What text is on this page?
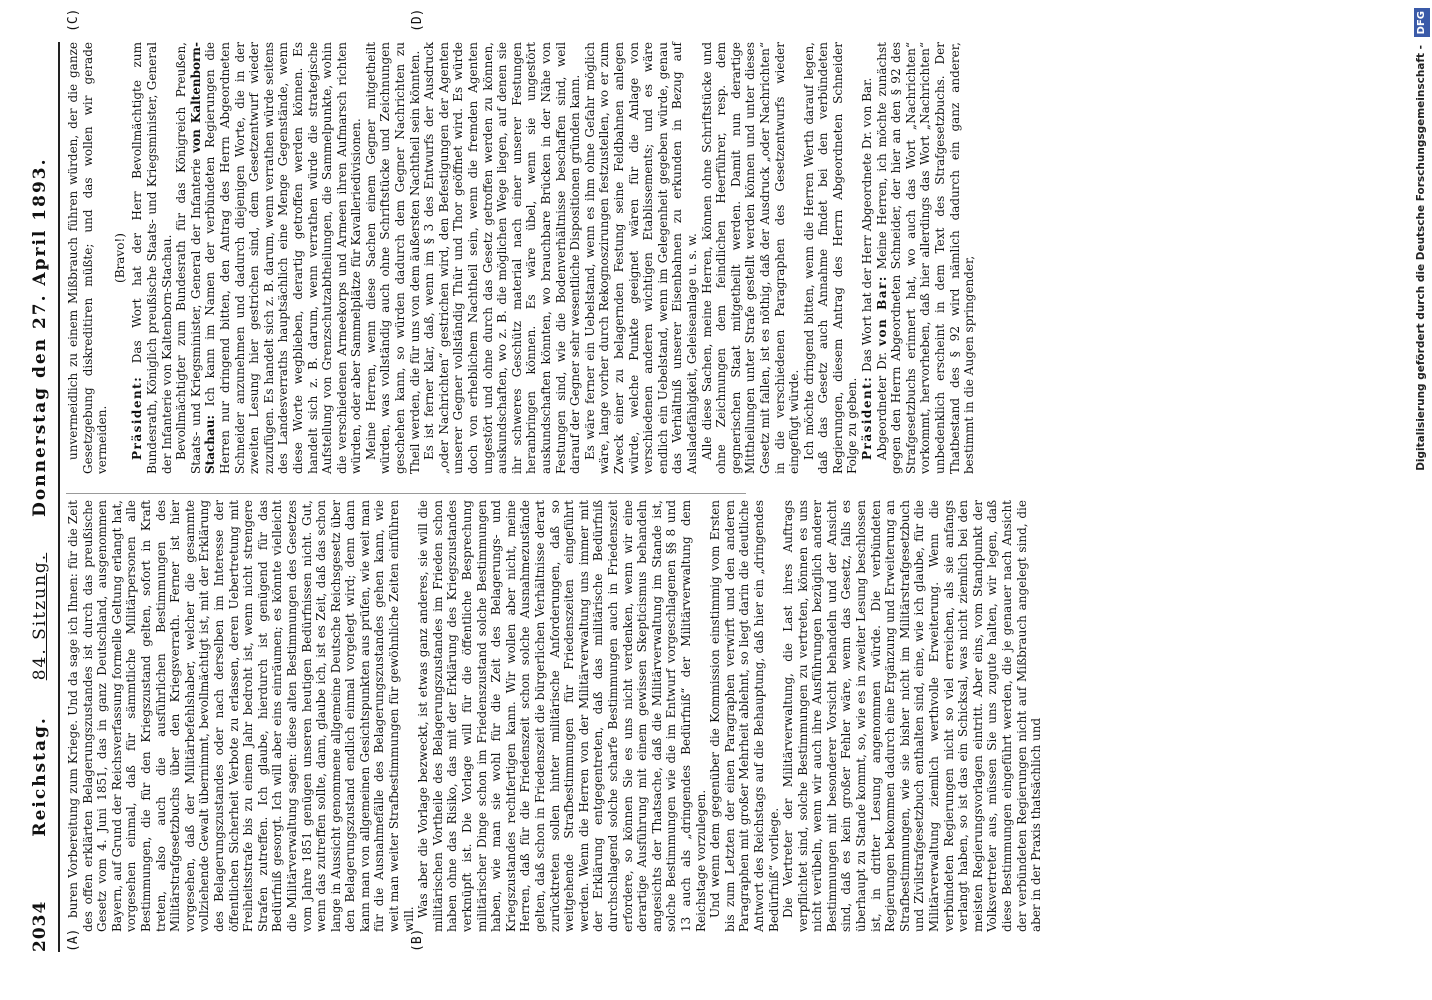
2034
Reichstag. 84. Sitzung. Donnerstag den 27. April 1893.
(A)	(B)
(C)	(D)

buren Vorbereitung zum Kriege. Und da sage ich Ihnen: für die Zeit des offen erklärten Belagerungszustandes ist durch das preußische Gesetz vom 4. Juni 1851, das in ganz Deutschland, ausgenommen Bayern, auf Grund der Reichsverfassung formelle Geltung erlangt hat, vorgesehen einmal, daß für sämmtliche Militärpersonen alle Bestimmungen, die für den Kriegszustand gelten, sofort in Kraft treten, also auch die ausführlichen Bestimmungen des Militärstrafgesetzbuchs über den Kriegsverrath. Ferner ist hier vorgesehen, daß der Militärbefehlshaber, welcher die gesammte vollziehende Gewalt übernimmt, bevollmächtigt ist, mit der Erklärung des Belagerungszustandes oder nach derselben im Interesse der öffentlichen Sicherheit Verbote zu erlassen, deren Uebertretung mit Freiheitsstrafe bis zu einem Jahr bedroht ist, wenn nicht strengere Strafen zutreffen. Ich glaube, hierdurch ist genügend für das Bedürfniß gesorgt. Ich will aber eins einräumen; es könnte vielleicht die Militärverwaltung sagen: diese alten Bestimmungen des Gesetzes vom Jahre 1851 genügen unseren heutigen Bedürfnissen nicht. Gut, wenn das zutreffen sollte, dann, glaube ich, ist es Zeit, daß das schon lange in Aussicht genommene allgemeine Deutsche Reichsgesetz über den Belagerungszustand endlich einmal vorgelegt wird; denn dann kann man von allgemeinen Gesichtspunkten aus prüfen, wie weit man für die Ausnahmefälle des Belagerungszustandes gehen kann, wie weit man weiter Strafbestimmungen für gewöhnliche Zeiten einführen will.

Was aber die Vorlage bezweckt, ist etwas ganz anderes, sie will die militärischen Vortheile des Belagerungszustandes im Frieden schon haben ohne das Risiko, das mit der Erklärung des Kriegszustandes verknüpft ist. Die Vorlage will für die öffentliche Besprechung militärischer Dinge schon im Friedenszustand solche Bestimmungen haben, wie man sie wohl für die Zeit des Belagerungs- und Kriegszustandes rechtfertigen kann. Wir wollen aber nicht, meine Herren, daß für die Friedenszeit schon solche Ausnahmezustände gelten, daß schon in Friedenszeit die bürgerlichen Verhältnisse derart zurücktreten sollen hinter militärische Anforderungen, daß so weitgehende Strafbestimmungen für Friedenszeiten eingeführt werden. Wenn die Herren von der Militärverwaltung uns immer mit der Erklärung entgegentreten, daß das militärische Bedürfniß durchschlagend solche scharfe Bestimmungen auch in Friedenszeit erfordere, so können Sie es uns nicht verdenken, wenn wir eine derartige Ausführung mit einem gewissen Skepticismus behandeln angesichts der Thatsache, daß die Militärverwaltung im Stande ist, solche Bestimmungen wie die im Entwurf vorgeschlagenen §§ 8 und 13 auch als „dringendes Bedürfniß“ der Militärverwaltung dem Reichstage vorzulegen. Und wenn dem gegenüber die Kommission einstimmig vom Ersten bis zum Letzten der einen Paragraphen verwirft und den anderen Paragraphen mit großer Mehrheit ablehnt, so liegt darin die deutliche Antwort des Reichstags auf die Behauptung, daß hier ein „dringendes Bedürfniß“ vorliege. Die Vertreter der Militärverwaltung, die Last ihres Auftrags verpflichtet sind, solche Bestimmungen zu vertreten, können es uns nicht verübeln, wenn wir auch ihre Ausführungen bezüglich anderer Bestimmungen mit besonderer Vorsicht behandeln und der Ansicht sind, daß es kein großer Fehler wäre, wenn das Gesetz, falls es überhaupt zu Stande kommt, so, wie es in zweiter Lesung beschlossen ist, in dritter Lesung angenommen würde. Die verbündeten Regierungen bekommen dadurch eine Ergänzung und Erweiterung an Strafbestimmungen, wie sie bisher nicht im Militärstrafgesetzbuch und Zivilstrafgesetzbuch enthalten sind, eine, wie ich glaube, für die Militärverwaltung ziemlich werthvolle Erweiterung. Wenn die verbündeten Regierungen nicht so viel erreichen, als sie anfangs verlangt haben, so ist das ein Schicksal, was nicht ziemlich bei den meisten Regierungsvorlagen eintritt. Aber eins, vom Standpunkt der Volksvertreter aus, müssen Sie uns zugute halten, wir legen, daß diese Bestimmungen eingeführt werden, die je genauer nach Ansicht der verbündeten Regierungen nicht auf Mißbrauch angelegt sind, die aber in der Praxis thatsächlich und

unvermeidlich zu einem Mißbrauch führen würden, der die ganze Gesetzgebung diskreditiren müßte; und das wollen wir gerade vermeiden.

(Bravo!)

Präsident: Das Wort hat der Herr Bevollmächtigte zum Bundesrath, Königlich preußische Staats- und Kriegsminister, General der Infanterie von Kaltenborn-Stachau. Bevollmächtigter zum Bundesrath für das Königreich Preußen, Staats- und Kriegsminister, General der Infanterie von Kaltenborn-Stachau: Ich kann im Namen der verbündeten Regierungen die Herren nur dringend bitten, den Antrag des Herrn Abgeordneten Schneider anzunehmen und dadurch diejenigen Worte, die in der zweiten Lesung hier gestrichen sind, dem Gesetzentwurf wieder zuzufügen. Es handelt sich z. B. darum, wenn verrathen würde seitens des Landesverraths hauptsächlich eine Menge Gegenstände, wenn diese Worte wegblieben, derartig getroffen werden können. Es handelt sich z. B. darum, wenn verrathen würde die strategische Aufstellung von Grenzschutzabtheilungen, die Sammelpunkte, wohin die verschiedenen Armeekorps und Armeen ihren Aufmarsch richten würden, oder aber Sammelplätze für Kavalleriedivisionen. Meine Herren, wenn diese Sachen einem Gegner mitgetheilt würden, was vollständig auch ohne Schriftstücke und Zeichnungen geschehen kann, so würden dadurch dem Gegner Nachrichten zu Theil werden, die für uns von dem äußersten Nachtheil sein könnten. Es ist ferner klar, daß, wenn im § 3 des Entwurfs der Ausdruck „oder Nachrichten“ gestrichen wird, den Befestigungen der Agenten unserer Gegner vollständig Thür und Thor geöffnet wird. Es würde doch von erheblichem Nachtheil sein, wenn die fremden Agenten ungestört und ohne durch das Gesetz getroffen werden zu können, auskundschaften, wo z. B. die möglichen Wege liegen, auf denen sie ihr schweres Geschütz material nach einer unserer Festungen heranbringen können. Es wäre übel, wenn sie ungestört auskundschaften könnten, wo brauchbare Brücken in der Nähe von Festungen sind, wie die Bodenverhältnisse beschaffen sind, weil darauf der Gegner sehr wesentliche Dispositionen gründen kann. Es wäre ferner ein Uebelstand, wenn es ihm ohne Gefahr möglich wäre, lange vorher durch Rekognoszirungen festzustellen, wo er zum Zweck einer zu belagernden Festung seine Feldbahnen anlegen würde, welche Punkte geeignet wären für die Anlage von verschiedenen anderen wichtigen Etablissements; und es wäre endlich ein Uebelstand, wenn im Gelegenheit gegeben würde, genau das Verhältniß unserer Eisenbahnen zu erkunden in Bezug auf Ausladefähigkeit, Geleiseanlage u. s. w. Alle diese Sachen, meine Herren, können ohne Schriftstücke und ohne Zeichnungen dem feindlichen Heerführer, resp. dem gegnerischen Staat mitgetheilt werden. Damit nun derartige Mittheilungen unter Strafe gestellt werden können und unter dieses Gesetz mit fallen, ist es nöthig, daß der Ausdruck „oder Nachrichten“ in die verschiedenen Paragraphen des Gesetzentwurfs wieder eingefügt würde. Ich möchte dringend bitten, wenn die Herren Werth darauf legen, daß das Gesetz auch Annahme findet bei den verbündeten Regierungen, diesem Antrag des Herrn Abgeordneten Schneider Folge zu geben. Präsident: Das Wort hat der Herr Abgeordnete Dr. von Bar.

Abgeordneter Dr. von Bar: Meine Herren, ich möchte zunächst gegen den Herrn Abgeordneten Schneider, der hier an den § 92 des Strafgesetzbuchs erinnert hat, wo auch das Wort „Nachrichten“ vorkommt, hervorheben, daß hier allerdings das Wort „Nachrichten“ unbedenklich erscheint in dem Text des Strafgesetzbuchs. Der Thatbestand des § 92 wird nämlich dadurch ein ganz anderer, bestimmt in die Augen springender,	Digitalisierung gefördert durch die Deutsche Forschungsgemeinschaft - DFG
